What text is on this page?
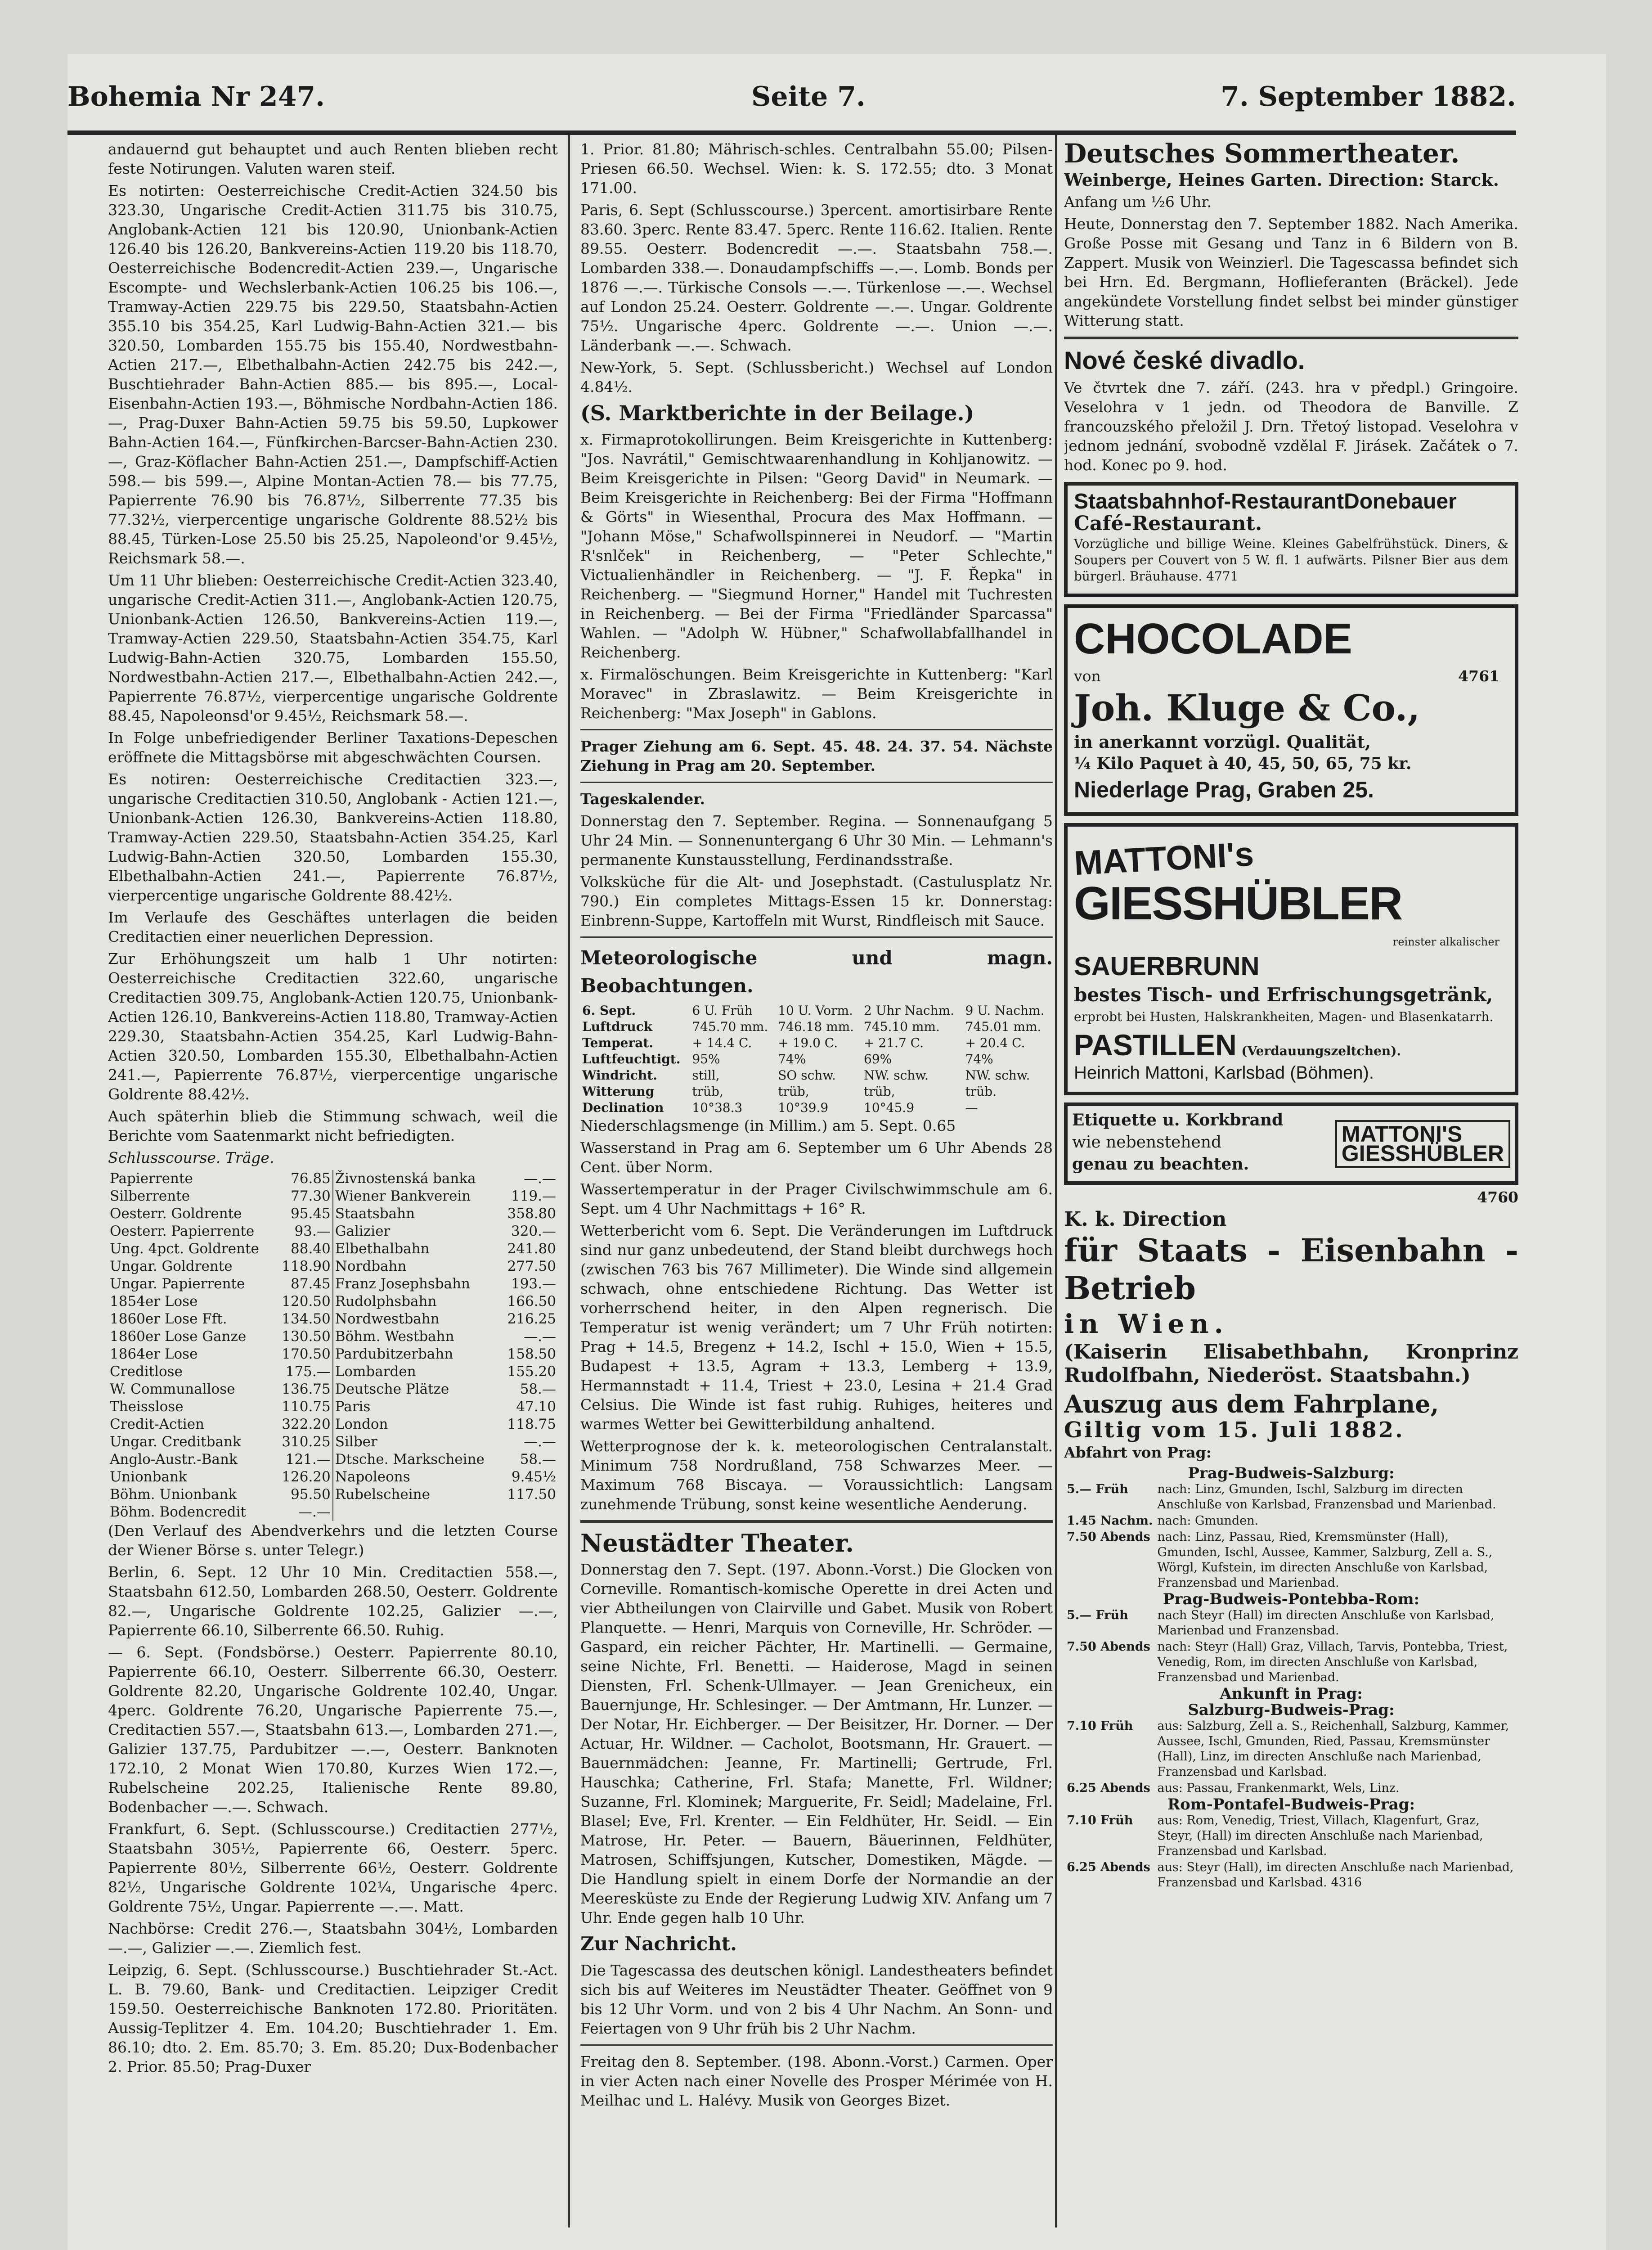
Bohemia Nr 247.	Seite 7.	7. September 1882.

andauernd gut behauptet und auch Renten blieben recht feste Notirungen. Valuten waren steif.

Es notirten: Oesterreichische Credit-Actien 324.50 bis 323.30, Ungarische Credit-Actien 311.75 bis 310.75, Anglobank-Actien 121 bis 120.90, Unionbank-Actien 126.40 bis 126.20, Bankvereins-Actien 119.20 bis 118.70, Oesterreichische Bodencredit-Actien 239.—, Ungarische Escompte- und Wechslerbank-Actien 106.25 bis 106.—, Tramway-Actien 229.75 bis 229.50, Staatsbahn-Actien 355.10 bis 354.25, Karl Ludwig-Bahn-Actien 321.— bis 320.50, Lombarden 155.75 bis 155.40, Nordwestbahn-Actien 217.—, Elbethalbahn-Actien 242.75 bis 242.—, Buschtiehrader Bahn-Actien 885.— bis 895.—, Local-Eisenbahn-Actien 193.—, Böhmische Nordbahn-Actien 186.—, Prag-Duxer Bahn-Actien 59.75 bis 59.50, Lupkower Bahn-Actien 164.—, Fünfkirchen-Barcser-Bahn-Actien 230.—, Graz-Köflacher Bahn-Actien 251.—, Dampfschiff-Actien 598.— bis 599.—, Alpine Montan-Actien 78.— bis 77.75, Papierrente 76.90 bis 76.87½, Silberrente 77.35 bis 77.32½, vierpercentige ungarische Goldrente 88.52½ bis 88.45, Türken-Lose 25.50 bis 25.25, Napoleond'or 9.45½, Reichsmark 58.—.

Um 11 Uhr blieben: Oesterreichische Credit-Actien 323.40, ungarische Credit-Actien 311.—, Anglobank-Actien 120.75, Unionbank-Actien 126.50, Bankvereins-Actien 119.—, Tramway-Actien 229.50, Staatsbahn-Actien 354.75, Karl Ludwig-Bahn-Actien 320.75, Lombarden 155.50, Nordwestbahn-Actien 217.—, Elbethalbahn-Actien 242.—, Papierrente 76.87½, vierpercentige ungarische Goldrente 88.45, Napoleonsd'or 9.45½, Reichsmark 58.—.

In Folge unbefriedigender Berliner Taxations-Depeschen eröffnete die Mittagsbörse mit abgeschwächten Coursen.

Es notiren: Oesterreichische Creditactien 323.—, ungarische Creditactien 310.50, Anglobank - Actien 121.—, Unionbank-Actien 126.30, Bankvereins-Actien 118.80, Tramway-Actien 229.50, Staatsbahn-Actien 354.25, Karl Ludwig-Bahn-Actien 320.50, Lombarden 155.30, Elbethalbahn-Actien 241.—, Papierrente 76.87½, vierpercentige ungarische Goldrente 88.42½.

Im Verlaufe des Geschäftes unterlagen die beiden Creditactien einer neuerlichen Depression.

Zur Erhöhungszeit um halb 1 Uhr notirten: Oesterreichische Creditactien 322.60, ungarische Creditactien 309.75, Anglobank-Actien 120.75, Unionbank-Actien 126.10, Bankvereins-Actien 118.80, Tramway-Actien 229.30, Staatsbahn-Actien 354.25, Karl Ludwig-Bahn-Actien 320.50, Lombarden 155.30, Elbethalbahn-Actien 241.—, Papierrente 76.87½, vierpercentige ungarische Goldrente 88.42½.

Auch späterhin blieb die Stimmung schwach, weil die Berichte vom Saatenmarkt nicht befriedigten.

Schlusscourse. Träge.

Papierrente	76.85	Živnostenská banka	—.—
Silberrente	77.30	Wiener Bankverein	119.—
Oesterr. Goldrente	95.45	Staatsbahn	358.80
Oesterr. Papierrente	93.—	Galizier	320.—
Ung. 4pct. Goldrente	88.40	Elbethalbahn	241.80
Ungar. Goldrente	118.90	Nordbahn	277.50
Ungar. Papierrente	87.45	Franz Josephsbahn	193.—
1854er Lose	120.50	Rudolphsbahn	166.50
1860er Lose Fft.	134.50	Nordwestbahn	216.25
1860er Lose Ganze	130.50	Böhm. Westbahn	—.—
1864er Lose	170.50	Pardubitzerbahn	158.50
Creditlose	175.—	Lombarden	155.20
W. Communallose	136.75	Deutsche Plätze	58.—
Theisslose	110.75	Paris	47.10
Credit-Actien	322.20	London	118.75
Ungar. Creditbank	310.25	Silber	—.—
Anglo-Austr.-Bank	121.—	Dtsche. Markscheine	58.—
Unionbank	126.20	Napoleons	9.45½
Böhm. Unionbank	95.50	Rubelscheine	117.50
Böhm. Bodencredit	—.—		

(Den Verlauf des Abendverkehrs und die letzten Course der Wiener Börse s. unter Telegr.)

Berlin, 6. Sept. 12 Uhr 10 Min. Creditactien 558.—, Staatsbahn 612.50, Lombarden 268.50, Oesterr. Goldrente 82.—, Ungarische Goldrente 102.25, Galizier —.—, Papierrente 66.10, Silberrente 66.50. Ruhig.

— 6. Sept. (Fondsbörse.) Oesterr. Papierrente 80.10, Papierrente 66.10, Oesterr. Silberrente 66.30, Oesterr. Goldrente 82.20, Ungarische Goldrente 102.40, Ungar. 4perc. Goldrente 76.20, Ungarische Papierrente 75.—, Creditactien 557.—, Staatsbahn 613.—, Lombarden 271.—, Galizier 137.75, Pardubitzer —.—, Oesterr. Banknoten 172.10, 2 Monat Wien 170.80, Kurzes Wien 172.—, Rubelscheine 202.25, Italienische Rente 89.80, Bodenbacher —.—. Schwach.

Frankfurt, 6. Sept. (Schlusscourse.) Creditactien 277½, Staatsbahn 305½, Papierrente 66, Oesterr. 5perc. Papierrente 80½, Silberrente 66½, Oesterr. Goldrente 82½, Ungarische Goldrente 102¼, Ungarische 4perc. Goldrente 75½, Ungar. Papierrente —.—. Matt.

Nachbörse: Credit 276.—, Staatsbahn 304½, Lombarden —.—, Galizier —.—. Ziemlich fest.

Leipzig, 6. Sept. (Schlusscourse.) Buschtiehrader St.-Act. L. B. 79.60, Bank- und Creditactien. Leipziger Credit 159.50. Oesterreichische Banknoten 172.80. Prioritäten. Aussig-Teplitzer 4. Em. 104.20; Buschtiehrader 1. Em. 86.10; dto. 2. Em. 85.70; 3. Em. 85.20; Dux-Bodenbacher 2. Prior. 85.50; Prag-Duxer

1. Prior. 81.80; Mährisch-schles. Centralbahn 55.00; Pilsen-Priesen 66.50. Wechsel. Wien: k. S. 172.55; dto. 3 Monat 171.00.

Paris, 6. Sept (Schlusscourse.) 3percent. amortisirbare Rente 83.60. 3perc. Rente 83.47. 5perc. Rente 116.62. Italien. Rente 89.55. Oesterr. Bodencredit —.—. Staatsbahn 758.—. Lombarden 338.—. Donaudampfschiffs —.—. Lomb. Bonds per 1876 —.—. Türkische Consols —.—. Türkenlose —.—. Wechsel auf London 25.24. Oesterr. Goldrente —.—. Ungar. Goldrente 75½. Ungarische 4perc. Goldrente —.—. Union —.—. Länderbank —.—. Schwach.

New-York, 5. Sept. (Schlussbericht.) Wechsel auf London 4.84½.

(S. Marktberichte in der Beilage.)

x. Firmaprotokollirungen. Beim Kreisgerichte in Kuttenberg: "Jos. Navrátil," Gemischtwaarenhandlung in Kohljanowitz. — Beim Kreisgerichte in Pilsen: "Georg David" in Neumark. — Beim Kreisgerichte in Reichenberg: Bei der Firma "Hoffmann & Görts" in Wiesenthal, Procura des Max Hoffmann. — "Johann Möse," Schafwollspinnerei in Neudorf. — "Martin R'snlček" in Reichenberg, — "Peter Schlechte," Victualienhändler in Reichenberg. — "J. F. Řepka" in Reichenberg. — "Siegmund Horner," Handel mit Tuchresten in Reichenberg. — Bei der Firma "Friedländer Sparcassa" Wahlen. — "Adolph W. Hübner," Schafwollabfallhandel in Reichenberg.

x. Firmalöschungen. Beim Kreisgerichte in Kuttenberg: "Karl Moravec" in Zbraslawitz. — Beim Kreisgerichte in Reichenberg: "Max Joseph" in Gablons.

Prager Ziehung am 6. Sept. 45. 48. 24. 37. 54. Nächste Ziehung in Prag am 20. September.

Tageskalender.

Donnerstag den 7. September. Regina. — Sonnenaufgang 5 Uhr 24 Min. — Sonnenuntergang 6 Uhr 30 Min. — Lehmann's permanente Kunstausstellung, Ferdinandsstraße.

Volksküche für die Alt- und Josephstadt. (Castulusplatz Nr. 790.) Ein completes Mittags-Essen 15 kr. Donnerstag: Einbrenn-Suppe, Kartoffeln mit Wurst, Rindfleisch mit Sauce.

Meteorologische und magn. Beobachtungen.

6. Sept.	6 U. Früh	10 U. Vorm.	2 Uhr Nachm.	9 U. Nachm.
Luftdruck	745.70 mm.	746.18 mm.	745.10 mm.	745.01 mm.
Temperat.	+ 14.4 C.	+ 19.0 C.	+ 21.7 C.	+ 20.4 C.
Luftfeuchtigt.	95%	74%	69%	74%
Windricht.	still,	SO schw.	NW. schw.	NW. schw.
Witterung	trüb,	trüb,	trüb,	trüb.
Declination	10°38.3	10°39.9	10°45.9	—

Niederschlagsmenge (in Millim.) am 5. Sept. 0.65

Wasserstand in Prag am 6. September um 6 Uhr Abends 28 Cent. über Norm.

Wassertemperatur in der Prager Civilschwimmschule am 6. Sept. um 4 Uhr Nachmittags + 16° R.

Wetterbericht vom 6. Sept. Die Veränderungen im Luftdruck sind nur ganz unbedeutend, der Stand bleibt durchwegs hoch (zwischen 763 bis 767 Millimeter). Die Winde sind allgemein schwach, ohne entschiedene Richtung. Das Wetter ist vorherrschend heiter, in den Alpen regnerisch. Die Temperatur ist wenig verändert; um 7 Uhr Früh notirten: Prag + 14.5, Bregenz + 14.2, Ischl + 15.0, Wien + 15.5, Budapest + 13.5, Agram + 13.3, Lemberg + 13.9, Hermannstadt + 11.4, Triest + 23.0, Lesina + 21.4 Grad Celsius. Die Winde ist fast ruhig. Ruhiges, heiteres und warmes Wetter bei Gewitterbildung anhaltend.

Wetterprognose der k. k. meteorologischen Centralanstalt. Minimum 758 Nordrußland, 758 Schwarzes Meer. — Maximum 768 Biscaya. — Voraussichtlich: Langsam zunehmende Trübung, sonst keine wesentliche Aenderung.

Neustädter Theater.

Donnerstag den 7. Sept. (197. Abonn.-Vorst.) Die Glocken von Corneville. Romantisch-komische Operette in drei Acten und vier Abtheilungen von Clairville und Gabet. Musik von Robert Planquette. — Henri, Marquis von Corneville, Hr. Schröder. — Gaspard, ein reicher Pächter, Hr. Martinelli. — Germaine, seine Nichte, Frl. Benetti. — Haiderose, Magd in seinen Diensten, Frl. Schenk-Ullmayer. — Jean Grenicheux, ein Bauernjunge, Hr. Schlesinger. — Der Amtmann, Hr. Lunzer. — Der Notar, Hr. Eichberger. — Der Beisitzer, Hr. Dorner. — Der Actuar, Hr. Wildner. — Cacholot, Bootsmann, Hr. Grauert. — Bauernmädchen: Jeanne, Fr. Martinelli; Gertrude, Frl. Hauschka; Catherine, Frl. Stafa; Manette, Frl. Wildner; Suzanne, Frl. Klominek; Marguerite, Fr. Seidl; Madelaine, Frl. Blasel; Eve, Frl. Krenter. — Ein Feldhüter, Hr. Seidl. — Ein Matrose, Hr. Peter. — Bauern, Bäuerinnen, Feldhüter, Matrosen, Schiffsjungen, Kutscher, Domestiken, Mägde. — Die Handlung spielt in einem Dorfe der Normandie an der Meeresküste zu Ende der Regierung Ludwig XIV. Anfang um 7 Uhr. Ende gegen halb 10 Uhr.

Zur Nachricht.

Die Tagescassa des deutschen königl. Landestheaters befindet sich bis auf Weiteres im Neustädter Theater. Geöffnet von 9 bis 12 Uhr Vorm. und von 2 bis 4 Uhr Nachm. An Sonn- und Feiertagen von 9 Uhr früh bis 2 Uhr Nachm.

Freitag den 8. September. (198. Abonn.-Vorst.) Carmen. Oper in vier Acten nach einer Novelle des Prosper Mérimée von H. Meilhac und L. Halévy. Musik von Georges Bizet.

Deutsches Sommertheater.

Weinberge, Heines Garten. Direction: Starck.

Anfang um ½6 Uhr.

Heute, Donnerstag den 7. September 1882. Nach Amerika. Große Posse mit Gesang und Tanz in 6 Bildern von B. Zappert. Musik von Weinzierl. Die Tagescassa befindet sich bei Hrn. Ed. Bergmann, Hoflieferanten (Bräckel). Jede angekündete Vorstellung findet selbst bei minder günstiger Witterung statt.

Nové české divadlo.

Ve čtvrtek dne 7. září. (243. hra v předpl.) Gringoire. Veselohra v 1 jedn. od Theodora de Banville. Z francouzského přeložil J. Drn. Třetoý listopad. Veselohra v jednom jednání, svobodně vzdělal F. Jirásek. Začátek o 7. hod. Konec po 9. hod.

Staatsbahnhof-RestaurantDonebauer

Café-Restaurant.

Vorzügliche und billige Weine. Kleines Gabelfrühstück. Diners, & Soupers per Couvert von 5 W. fl. 1 aufwärts. Pilsner Bier aus dem bürgerl. Bräuhause. 4771

CHOCOLADE

von	4761

Joh. Kluge & Co.,

in anerkannt vorzügl. Qualität,

¼ Kilo Paquet à 40, 45, 50, 65, 75 kr.

Niederlage Prag, Graben 25.

MATTONI's

GIESSHÜBLER

reinster alkalischer

SAUERBRUNN

bestes Tisch- und Erfrischungsgetränk,

erprobt bei Husten, Halskrankheiten, Magen- und Blasenkatarrh.

PASTILLEN (Verdauungszeltchen).

Heinrich Mattoni, Karlsbad (Böhmen).

Etiquette u. Korkbrand

wie nebenstehend

genau zu beachten.

MATTONI'S

GIESSHÜBLER

4760

K. k. Direction

für Staats - Eisenbahn - Betrieb

in Wien.

(Kaiserin Elisabethbahn, Kronprinz Rudolfbahn, Niederöst. Staatsbahn.)

Auszug aus dem Fahrplane,

Giltig vom 15. Juli 1882.

Abfahrt von Prag:

Prag-Budweis-Salzburg:	
5.— Früh	nach: Linz, Gmunden, Ischl, Salzburg im directen Anschluße von Karlsbad, Franzensbad und Marienbad.
1.45 Nachm.	nach: Gmunden.
7.50 Abends	nach: Linz, Passau, Ried, Kremsmünster (Hall), Gmunden, Ischl, Aussee, Kammer, Salzburg, Zell a. S., Wörgl, Kufstein, im directen Anschluße von Karlsbad, Franzensbad und Marienbad.
Prag-Budweis-Pontebba-Rom:	
5.— Früh	nach Steyr (Hall) im directen Anschluße von Karlsbad, Marienbad und Franzensbad.
7.50 Abends	nach: Steyr (Hall) Graz, Villach, Tarvis, Pontebba, Triest, Venedig, Rom, im directen Anschluße von Karlsbad, Franzensbad und Marienbad.
Ankunft in Prag:	
Salzburg-Budweis-Prag:	
7.10 Früh	aus: Salzburg, Zell a. S., Reichenhall, Salzburg, Kammer, Aussee, Ischl, Gmunden, Ried, Passau, Kremsmünster (Hall), Linz, im directen Anschluße nach Marienbad, Franzensbad und Karlsbad.
6.25 Abends	aus: Passau, Frankenmarkt, Wels, Linz.
Rom-Pontafel-Budweis-Prag:	
7.10 Früh	aus: Rom, Venedig, Triest, Villach, Klagenfurt, Graz, Steyr, (Hall) im directen Anschluße nach Marienbad, Franzensbad und Karlsbad.
6.25 Abends	aus: Steyr (Hall), im directen Anschluße nach Marienbad, Franzensbad und Karlsbad. 4316
